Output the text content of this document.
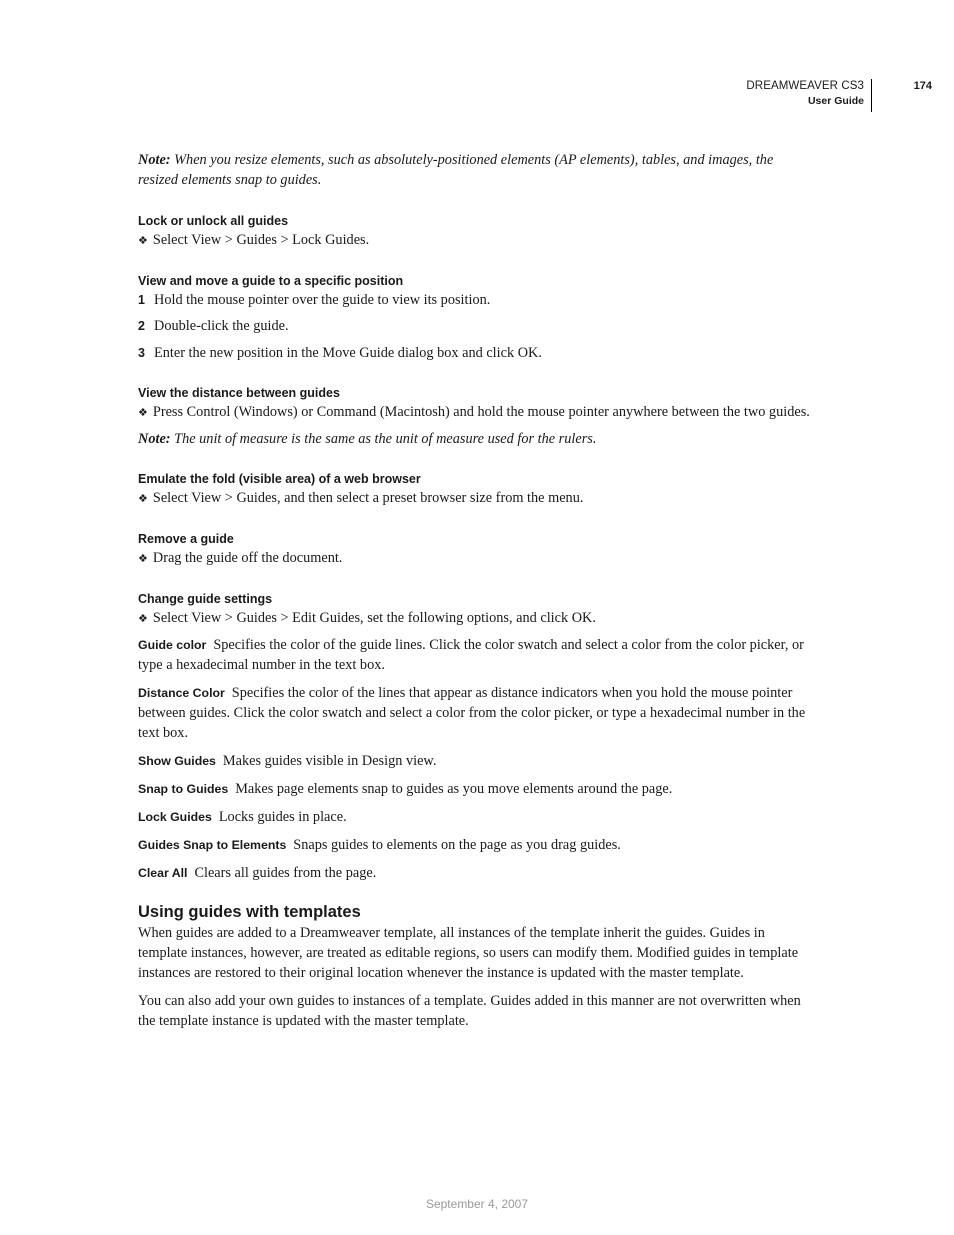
DREAMWEAVER CS3	174
User Guide

Note: When you resize elements, such as absolutely-positioned elements (AP elements), tables, and images, the resized elements snap to guides.

Lock or unlock all guides

❖ Select View > Guides > Lock Guides.

View and move a guide to a specific position

1 Hold the mouse pointer over the guide to view its position.

2 Double-click the guide.

3 Enter the new position in the Move Guide dialog box and click OK.

View the distance between guides

❖ Press Control (Windows) or Command (Macintosh) and hold the mouse pointer anywhere between the two guides.

Note: The unit of measure is the same as the unit of measure used for the rulers.

Emulate the fold (visible area) of a web browser

❖ Select View > Guides, and then select a preset browser size from the menu.

Remove a guide

❖ Drag the guide off the document.

Change guide settings

❖ Select View > Guides > Edit Guides, set the following options, and click OK.

Guide color Specifies the color of the guide lines. Click the color swatch and select a color from the color picker, or type a hexadecimal number in the text box.

Distance Color Specifies the color of the lines that appear as distance indicators when you hold the mouse pointer between guides. Click the color swatch and select a color from the color picker, or type a hexadecimal number in the text box.

Show Guides Makes guides visible in Design view.

Snap to Guides Makes page elements snap to guides as you move elements around the page.

Lock Guides Locks guides in place.

Guides Snap to Elements Snaps guides to elements on the page as you drag guides.

Clear All Clears all guides from the page.

Using guides with templates

When guides are added to a Dreamweaver template, all instances of the template inherit the guides. Guides in template instances, however, are treated as editable regions, so users can modify them. Modified guides in template instances are restored to their original location whenever the instance is updated with the master template.

You can also add your own guides to instances of a template. Guides added in this manner are not overwritten when the template instance is updated with the master template.

September 4, 2007
